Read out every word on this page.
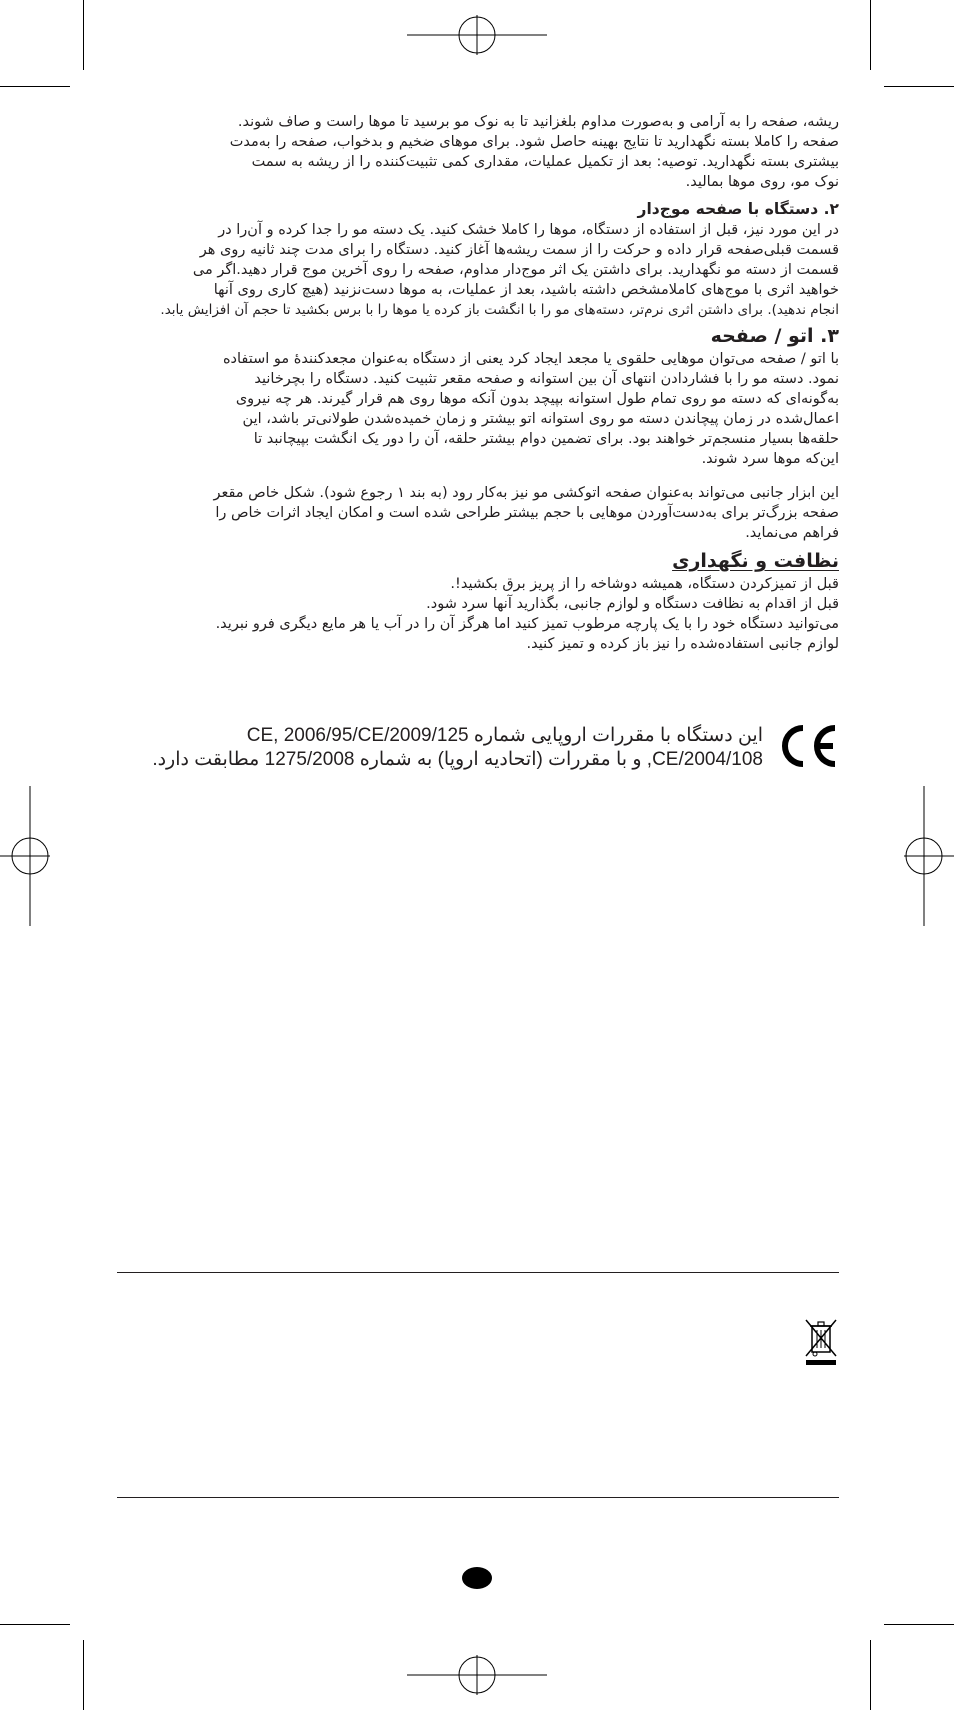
ریشه، صفحه را به آرامی و به‌صورت مداوم بلغزانید تا به نوک مو برسید تا موها راست و صاف شوند.
صفحه را کاملا بسته نگهدارید تا نتایج بهینه حاصل شود. برای موهای ضخیم و بدخواب، صفحه را به‌مدت
بیشتری بسته نگهدارید. توصیه: بعد از تکمیل عملیات، مقداری کمی تثبیت‌کننده را از ریشه به سمت
نوک مو، روی موها بمالید.

۲. دستگاه با صفحه موج‌دار

در این مورد نیز، قبل از استفاده از دستگاه، موها را کاملا خشک کنید. یک دسته مو را جدا کرده و آن‌را در
قسمت قبلی‌صفحه قرار داده و حرکت را از سمت ریشه‌ها آغاز کنید. دستگاه را برای مدت چند ثانیه روی هر
قسمت از دسته مو نگهدارید. برای داشتن یک اثر موج‌دار مداوم، صفحه را روی آخرین موج قرار دهید.اگر می
خواهید اثری با موج‌های کاملامشخص داشته باشید، بعد از عملیات، به موها دست‌نزنید (هیچ کاری روی آنها
انجام ندهید). برای داشتن اثری نرم‌تر، دسته‌های مو را با انگشت باز کرده یا موها را با برس بکشید تا حجم آن افزایش یابد.

۳. اتو / صفحه

با اتو / صفحه می‌توان موهایی حلقوی یا مجعد ایجاد کرد یعنی از دستگاه به‌عنوان مجعدکنندهٔ مو استفاده
نمود. دسته مو را با فشاردادن انتهای آن بین استوانه و صفحه مقعر تثبیت کنید. دستگاه را بچرخانید
به‌گونه‌ای که دسته مو روی تمام طول استوانه بپیچد بدون آنکه موها روی هم قرار گیرند. هر چه نیروی
اعمال‌شده در زمان پیچاندن دسته مو روی استوانه اتو بیشتر و زمان خمیده‌شدن طولانی‌تر باشد، این
حلقه‌ها بسیار منسجم‌تر خواهند بود. برای تضمین دوام بیشتر حلقه، آن را دور یک انگشت بپیچانبد تا
این‌که موها سرد شوند.

این ابزار جانبی می‌تواند به‌عنوان صفحه اتوکشی مو نیز به‌کار رود (به بند ۱ رجوع شود). شکل خاص مقعر
صفحه بزرگ‌تر برای به‌دست‌آوردن موهایی با حجم بیشتر طراحی شده است و امکان ایجاد اثرات خاص را
فراهم می‌نماید.

نظافت و نگهداری

قبل از تمیزکردن دستگاه، همیشه دوشاخه را از پریز برق بکشید!.
قبل از اقدام به نظافت دستگاه و لوازم جانبی، بگذارید آنها سرد شود.
می‌توانید دستگاه خود را با یک پارچه مرطوب تمیز کنید اما هرگز آن را در آب یا هر مایع دیگری فرو نبرید.
لوازم جانبی استفاده‌شده را نیز باز کرده و تمیز کنید.

این دستگاه با مقررات اروپایی شماره 2009/125/CE, 2006/95/CE
2004/108/CE, و با مقررات (اتحادیه اروپا) به شماره 1275/2008 مطابقت دارد.
